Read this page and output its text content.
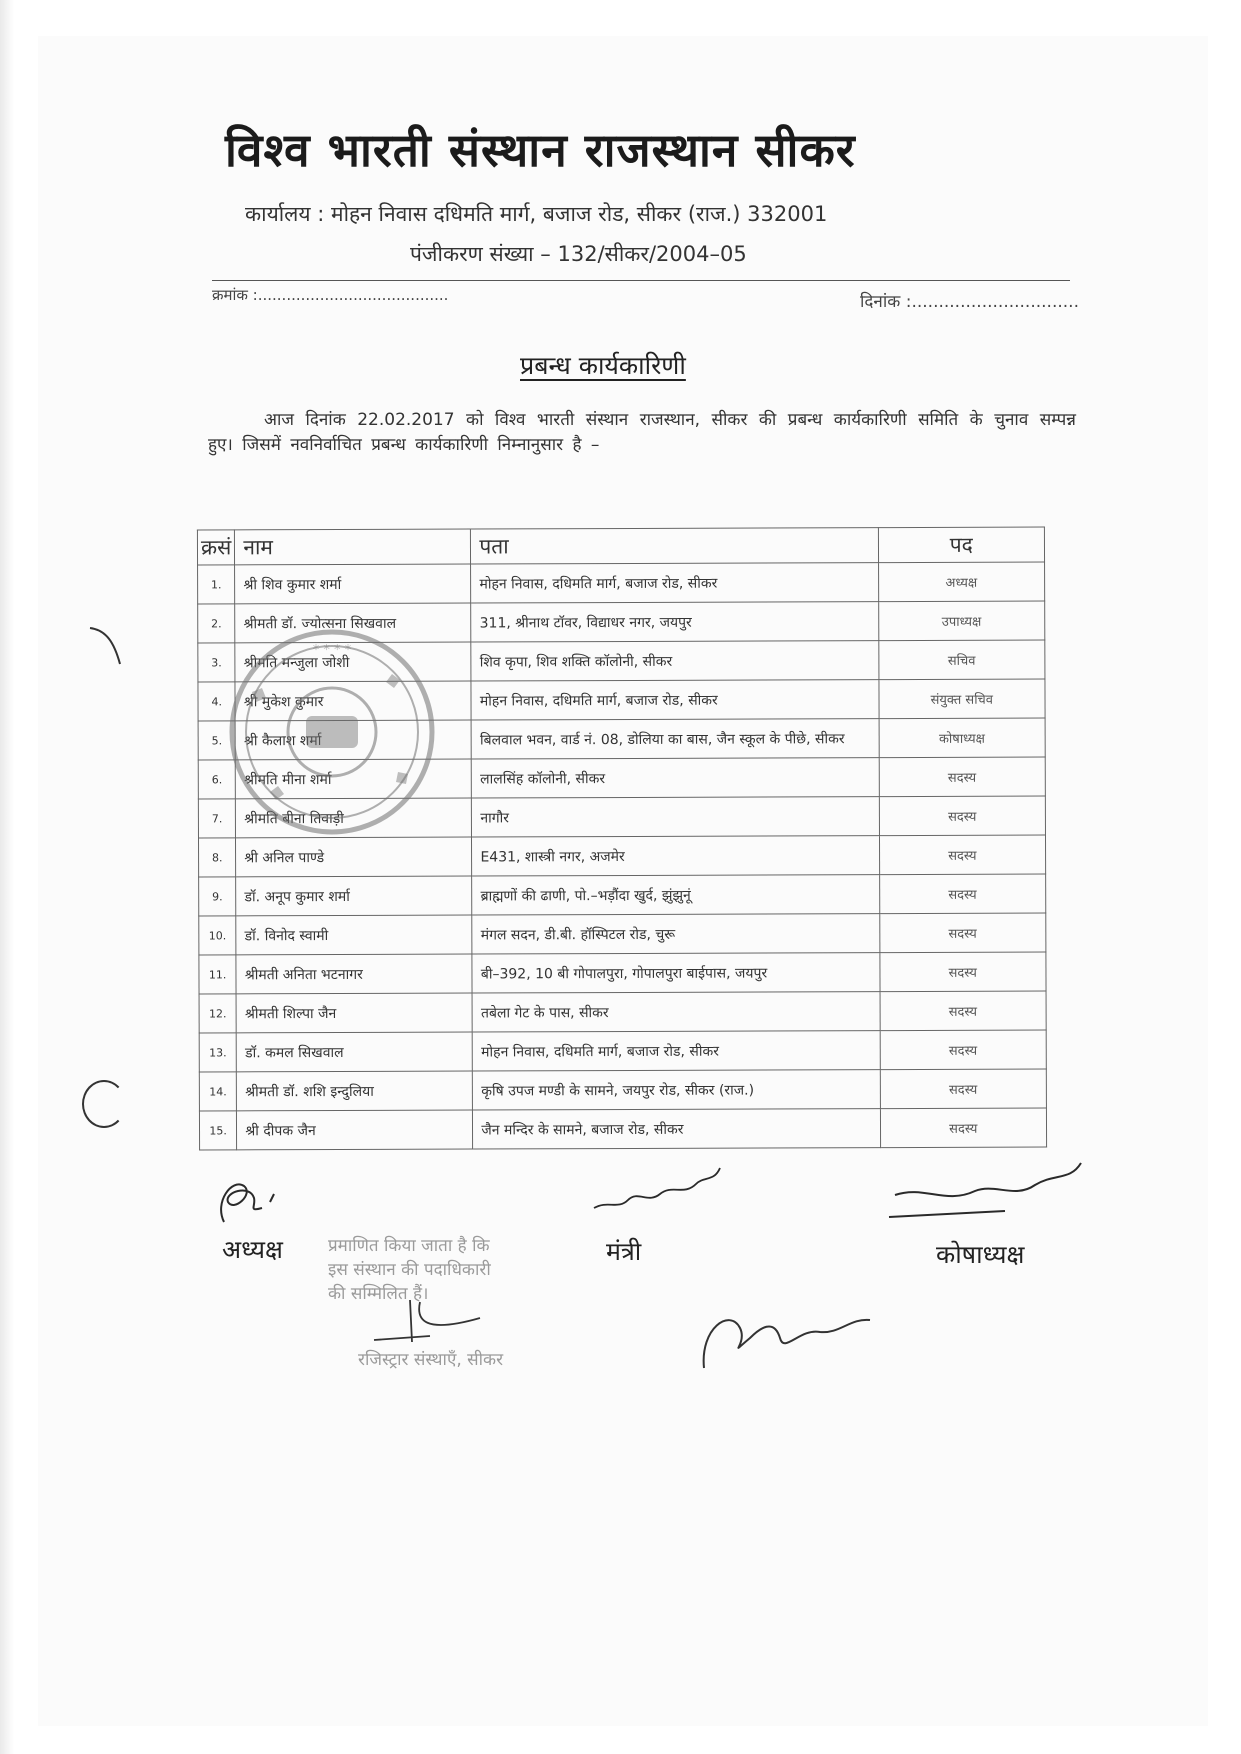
विश्व भारती संस्थान राजस्थान सीकर
कार्यालय : मोहन निवास दधिमति मार्ग, बजाज रोड, सीकर (राज.) 332001
पंजीकरण संख्या – 132/सीकर/2004–05
क्रमांक :........................................	दिनांक :...............................
प्रबन्ध कार्यकारिणी
आज दिनांक 22.02.2017 को विश्व भारती संस्थान राजस्थान, सीकर की प्रबन्ध कार्यकारिणी समिति के चुनाव सम्पन्न हुए। जिसमें नवनिर्वाचित प्रबन्ध कार्यकारिणी निम्नानुसार है –
क्रसं	नाम	पता	पद
1.	श्री शिव कुमार शर्मा	मोहन निवास, दधिमति मार्ग, बजाज रोड, सीकर	अध्यक्ष
2.	श्रीमती डॉ. ज्योत्सना सिखवाल	311, श्रीनाथ टॉवर, विद्याधर नगर, जयपुर	उपाध्यक्ष
3.	श्रीमति मन्जुला जोशी	शिव कृपा, शिव शक्ति कॉलोनी, सीकर	सचिव
4.	श्री मुकेश कुमार	मोहन निवास, दधिमति मार्ग, बजाज रोड, सीकर	संयुक्त सचिव
5.	श्री कैलाश शर्मा	बिलवाल भवन, वार्ड नं. 08, डोलिया का बास, जैन स्कूल के पीछे, सीकर	कोषाध्यक्ष
6.	श्रीमति मीना शर्मा	लालसिंह कॉलोनी, सीकर	सदस्य
7.	श्रीमति बीना तिवाड़ी	नागौर	सदस्य
8.	श्री अनिल पाण्डे	E431, शास्त्री नगर, अजमेर	सदस्य
9.	डॉ. अनूप कुमार शर्मा	ब्राह्मणों की ढाणी, पो.–भड़ौंदा खुर्द, झुंझुनूं	सदस्य
10.	डॉ. विनोद स्वामी	मंगल सदन, डी.बी. हॉस्पिटल रोड, चुरू	सदस्य
11.	श्रीमती अनिता भटनागर	बी–392, 10 बी गोपालपुरा, गोपालपुरा बाईपास, जयपुर	सदस्य
12.	श्रीमती शिल्पा जैन	तबेला गेट के पास, सीकर	सदस्य
13.	डॉ. कमल सिखवाल	मोहन निवास, दधिमति मार्ग, बजाज रोड, सीकर	सदस्य
14.	श्रीमती डॉ. शशि इन्दुलिया	कृषि उपज मण्डी के सामने, जयपुर रोड, सीकर (राज.)	सदस्य
15.	श्री दीपक जैन	जैन मन्दिर के सामने, बजाज रोड, सीकर	सदस्य
* * * *
अध्यक्ष	मंत्री	कोषाध्यक्ष
प्रमाणित किया जाता है कि
इस संस्थान की पदाधिकारी
की सम्मिलित हैं।
रजिस्ट्रार संस्थाएँ, सीकर
